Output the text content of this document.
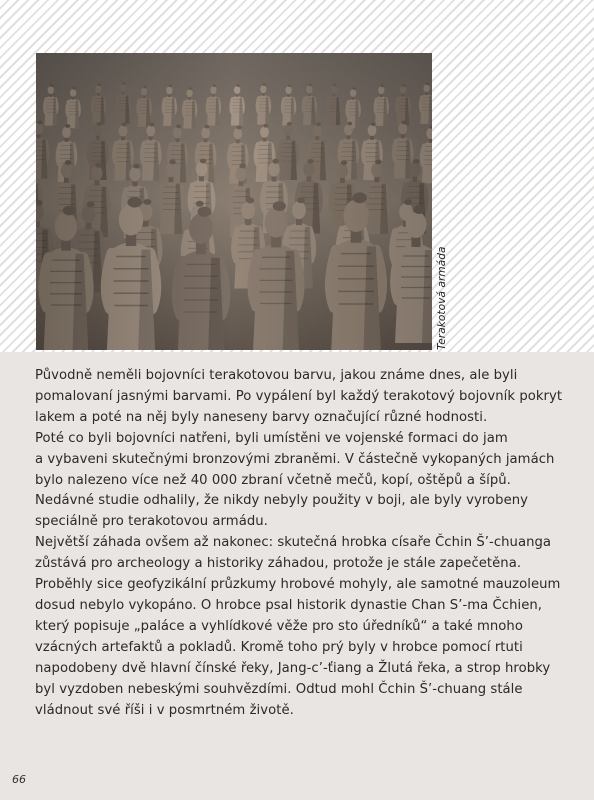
Terakotová armáda

Původně neměli bojovníci terakotovou barvu, jakou známe dnes, ale byli

pomalovaní jasnými barvami. Po vypálení byl každý terakotový bojovník pokryt

lakem a poté na něj byly naneseny barvy označující různé hodnosti.

Poté co byli bojovníci natřeni, byli umístěni ve vojenské formaci do jam

a vybaveni skutečnými bronzovými zbraněmi. V částečně vykopaných jamách

bylo nalezeno více než 40 000 zbraní včetně mečů, kopí, oštěpů a šípů.

Nedávné studie odhalily, že nikdy nebyly použity v boji, ale byly vyrobeny

speciálně pro terakotovou armádu.

Největší záhada ovšem až nakonec: skutečná hrobka císaře Čchin Š’-chuanga

zůstává pro archeology a historiky záhadou, protože je stále zapečetěna.

Proběhly sice geofyzikální průzkumy hrobové mohyly, ale samotné mauzoleum

dosud nebylo vykopáno. O hrobce psal historik dynastie Chan S’-ma Čchien,

který popisuje „paláce a vyhlídkové věže pro sto úředníků“ a také mnoho

vzácných artefaktů a pokladů. Kromě toho prý byly v hrobce pomocí rtuti

napodobeny dvě hlavní čínské řeky, Jang-c’-ťiang a Žlutá řeka, a strop hrobky

byl vyzdoben nebeskými souhvězdími. Odtud mohl Čchin Š’-chuang stále

vládnout své říši i v posmrtném životě.

66
